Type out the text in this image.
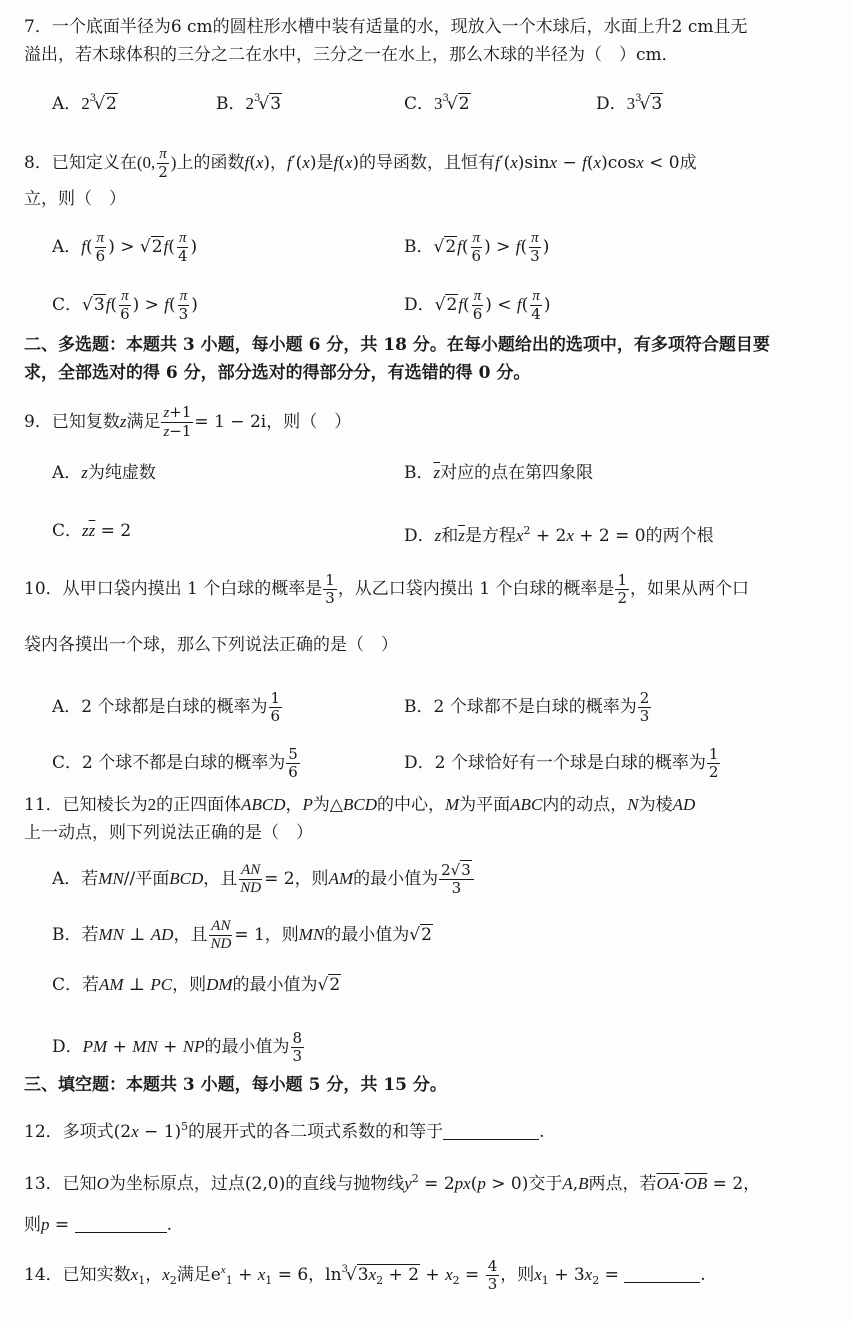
7．一个底面半径为6 cm的圆柱形水槽中装有适量的水，现放入一个木球后，水面上升2 cm且无
溢出，若木球体积的三分之二在水中，三分之一在水上，那么木球的半径为（　）cm．
A．$2^3√2$	B．$2^3√3$	C．$3^3√2$	D．$3^3√3$
8．已知定义在(0, $\frac{\pi}{2}$ )上的函数f(x)，f′(x)是f(x)的导函数，且恒有f′(x)sinx − f(x)cosx < 0成
立，则（　）
A．$f( \frac{\pi}{6}$ ) > $√2f( \frac{\pi}{4}$ )	B．$√2f( \frac{\pi}{6}$ ) > $f( \frac{\pi}{3}$ )
C．$√3f( \frac{\pi}{6}$ ) > $f( \frac{\pi}{3}$ )	D．$√2f( \frac{\pi}{6}$ ) < $f( \frac{\pi}{4}$ )
二、多选题：本题共 3 小题，每小题 6 分，共 18 分。在每小题给出的选项中，有多项符合题目要
求，全部选对的得 6 分，部分选对的得部分分，有选错的得 0 分。
9．已知复数z满足 $\frac{z+1}{z-1} = 1 - 2i$，则（　）
A．z为纯虚数	B．$\overline{z}$对应的点在第四象限
C．$z\overline{z} = 2$	D．z和$\overline{z}$是方程$x^2 + 2x + 2 = 0$的两个根
10．从甲口袋内摸出 1 个白球的概率是 $\frac{1}{3}$ ，从乙口袋内摸出 1 个白球的概率是 $\frac{1}{2}$ ，如果从两个口
袋内各摸出一个球，那么下列说法正确的是（　）
A．2 个球都是白球的概率为 $\frac{1}{6}$	B．2 个球都不是白球的概率为 $\frac{2}{3}$
C．2 个球不都是白球的概率为 $\frac{5}{6}$	D．2 个球恰好有一个球是白球的概率为 $\frac{1}{2}$
11．已知棱长为2的正四面体ABCD，P为△BCD的中心，M为平面ABC内的动点，N为棱AD
上一动点，则下列说法正确的是（　）
A．若MN//平面BCD，且 $\frac{AN}{ND} = 2$，则AM的最小值为 $\frac{2√3}{3}$
B．若MN ⊥ AD，且 $\frac{AN}{ND} = 1$，则MN的最小值为√2
C．若AM ⊥ PC，则DM的最小值为√2
D．PM + MN + NP的最小值为 $\frac{8}{3}$
三、填空题：本题共 3 小题，每小题 5 分，共 15 分。
12．多项式$(2x - 1)^5$的展开式的各二项式系数的和等于	.
13．已知O为坐标原点，过点(2,0)的直线与抛物线$y^2 = 2px(p > 0)$交于A,B两点，若$\overline{OA}\cdot\overline{OB} = 2$，
则p =	.
14．已知实数$x_1$，$x_2$满足$e^x_1 + x_1 = 6$，$\ln^3√3x_2 + 2 + x_2 = \frac{4}{3}$ ，则$x_1 + 3x_2$ =	.
